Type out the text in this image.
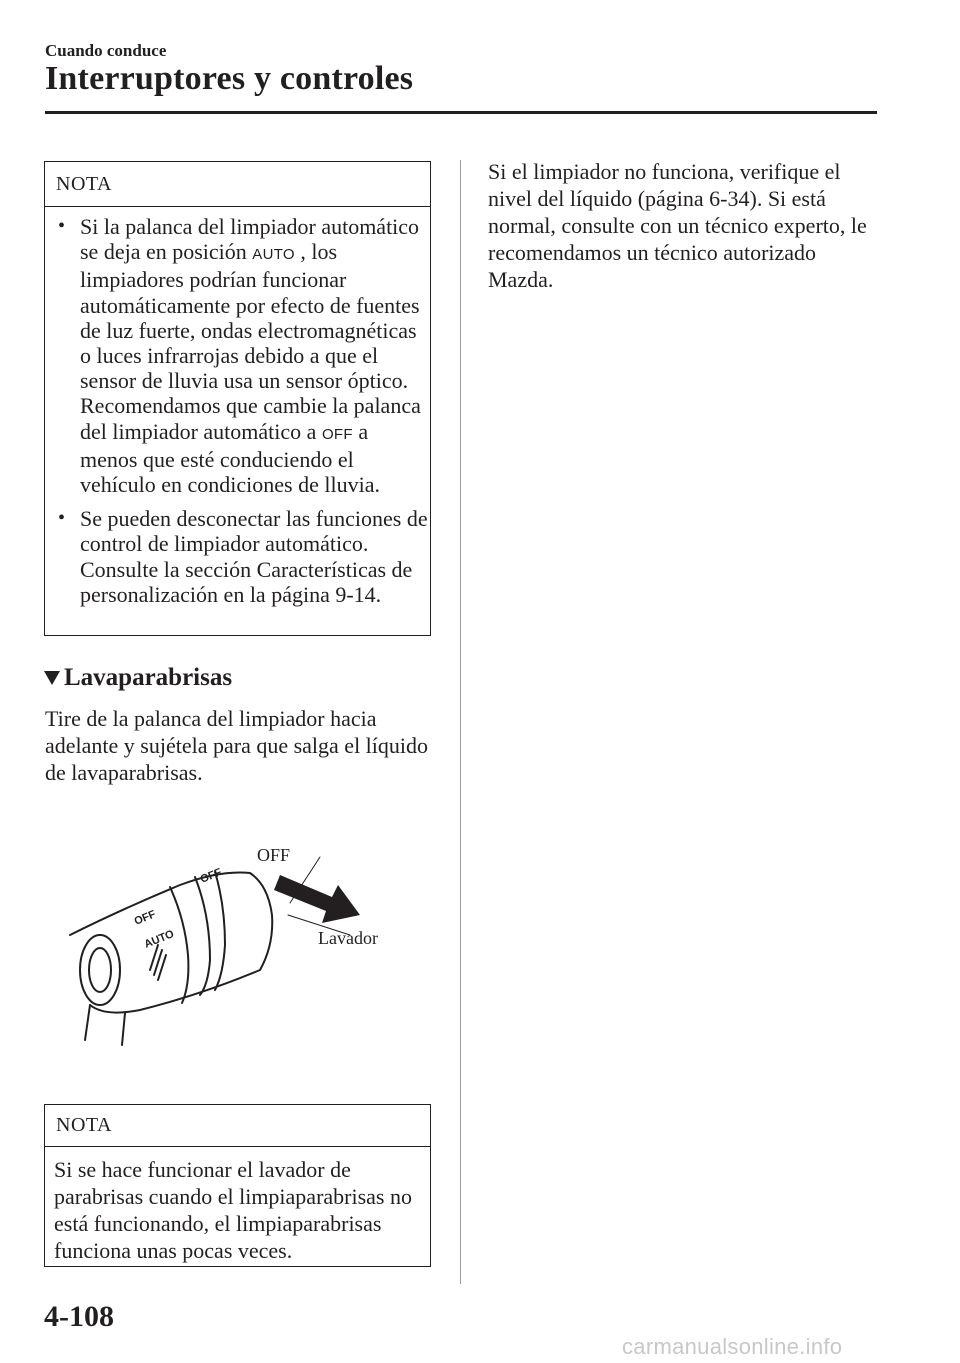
Cuando conduce
Interruptores y controles
NOTA
• Si la palanca del limpiador automático se deja en posición AUTO , los limpiadores podrían funcionar automáticamente por efecto de fuentes de luz fuerte, ondas electromagnéticas o luces infrarrojas debido a que el sensor de lluvia usa un sensor óptico. Recomendamos que cambie la palanca del limpiador automático a OFF a menos que esté conduciendo el vehículo en condiciones de lluvia.
• Se pueden desconectar las funciones de control de limpiador automático. Consulte la sección Características de personalización en la página 9-14.
Lavaparabrisas
Tire de la palanca del limpiador hacia adelante y sujétela para que salga el líquido de lavaparabrisas.
OFF
OFF
AUTO
OFF
Lavador
NOTA
Si se hace funcionar el lavador de parabrisas cuando el limpiaparabrisas no está funcionando, el limpiaparabrisas funciona unas pocas veces.
Si el limpiador no funciona, verifique el nivel del líquido (página 6-34). Si está normal, consulte con un técnico experto, le recomendamos un técnico autorizado Mazda.
4-108
carmanualsonline.info
